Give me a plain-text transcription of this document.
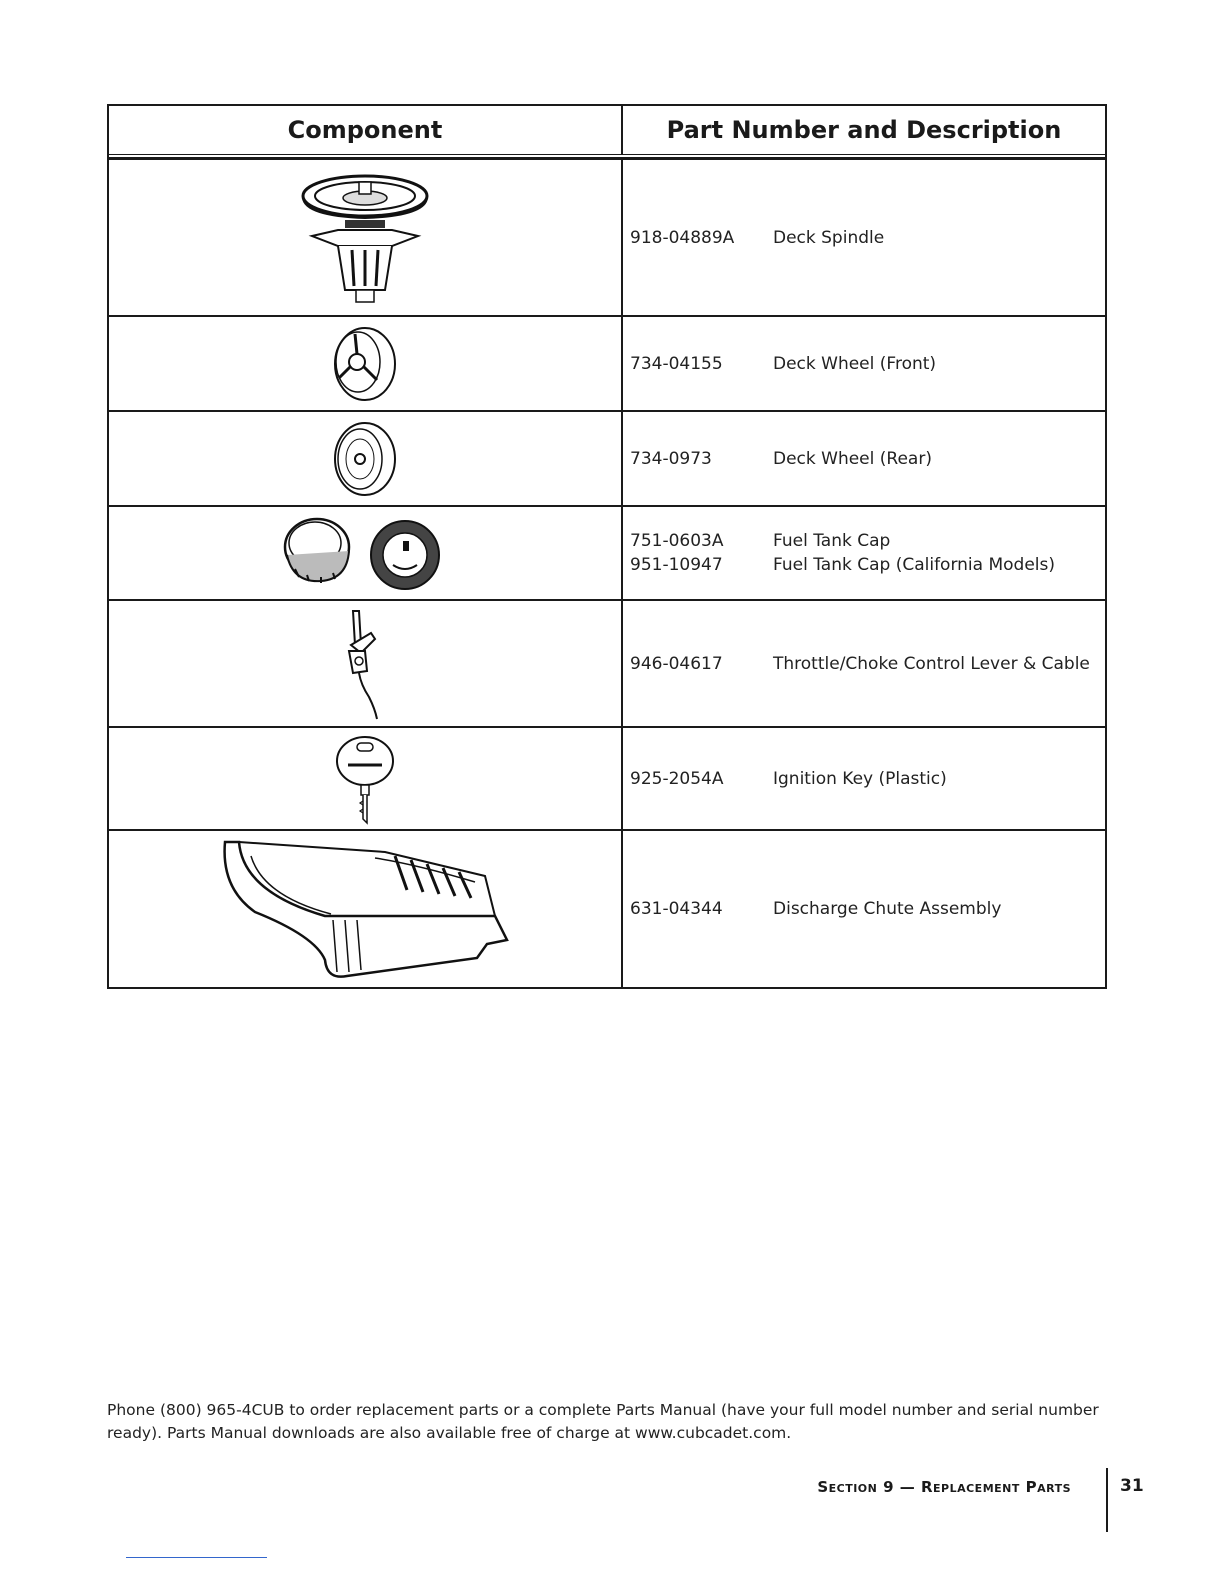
Component	Part Number and Description
918-04889A	Deck Spindle
734-04155	Deck Wheel (Front)
734-0973	Deck Wheel (Rear)
751-0603A	Fuel Tank Cap
951-10947	Fuel Tank Cap (California Models)
946-04617	Throttle/Choke Control Lever & Cable
925-2054A	Ignition Key (Plastic)
631-04344	Discharge Chute Assembly
Phone (800) 965-4CUB to order replacement parts or a complete Parts Manual (have your full model number and serial number ready). Parts Manual downloads are also available free of charge at www.cubcadet.com.
Section 9 — Replacement Parts	31
